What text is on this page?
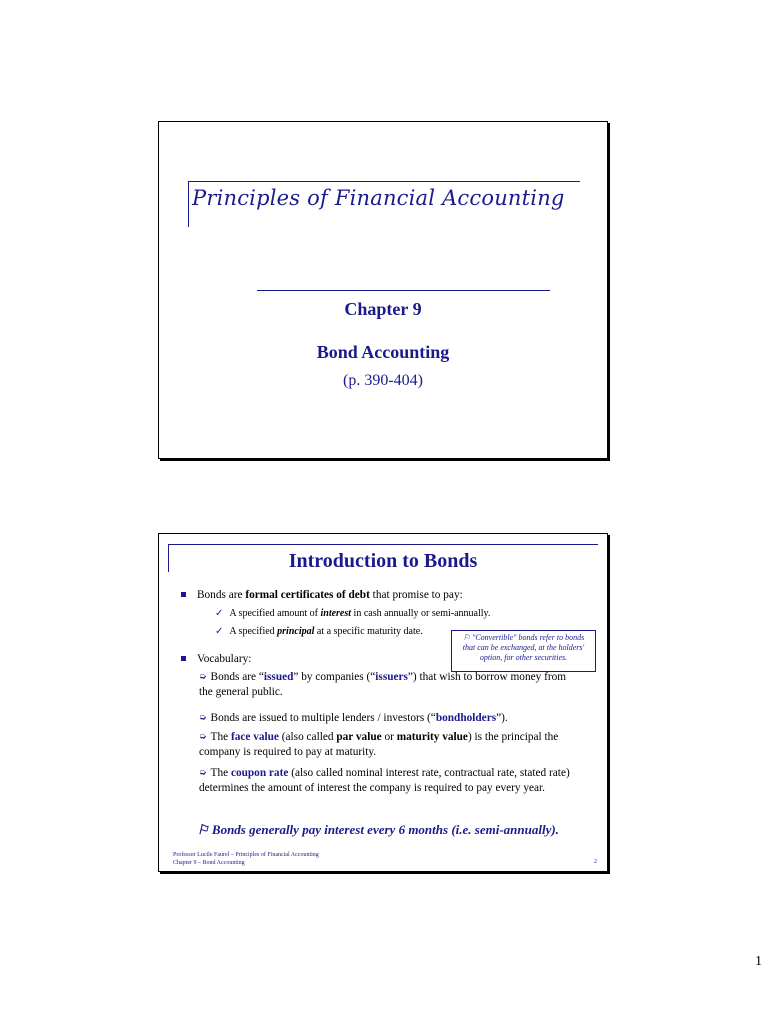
Principles of Financial Accounting
Chapter 9
Bond Accounting
(p. 390-404)
Introduction to Bonds
Bonds are formal certificates of debt that promise to pay:
✓ A specified amount of interest in cash annually or semi-annually.
✓ A specified principal at a specific maturity date.
Vocabulary:
➭ Bonds are “issued” by companies (“issuers”) that wish to borrow money from the general public.
➭ Bonds are issued to multiple lenders / investors (“bondholders”).
➭ The face value (also called par value or maturity value) is the principal the company is required to pay at maturity.
➭ The coupon rate (also called nominal interest rate, contractual rate, stated rate) determines the amount of interest the company is required to pay every year.
⚐ "Convertible" bonds refer to bonds that can be exchanged, at the holders' option, for other securities.
⚐ Bonds generally pay interest every 6 months (i.e. semi-annually).
Professor Lucile Faurel – Principles of Financial Accounting
Chapter 9 – Bond Accounting	2
1
